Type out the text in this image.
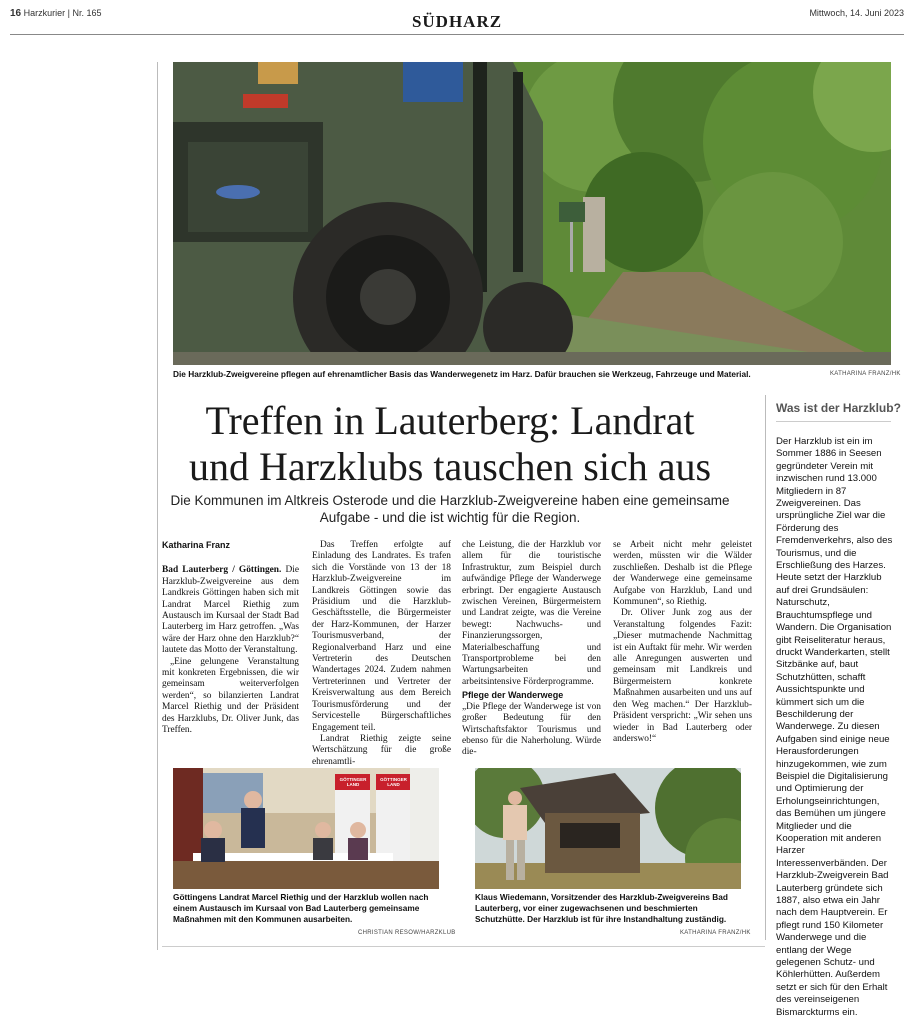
16 Harzkurier | Nr. 165	SÜDHARZ	Mittwoch, 14. Juni 2023
Die Harzklub-Zweigvereine pflegen auf ehrenamtlicher Basis das Wanderwegenetz im Harz. Dafür brauchen sie Werkzeug, Fahrzeuge und Material.	KATHARINA FRANZ/HK
Treffen in Lauterberg: Landrat
und Harzklubs tauschen sich aus
Die Kommunen im Altkreis Osterode und die Harzklub-Zweigvereine haben eine gemeinsame Aufgabe - und die ist wichtig für die Region.
Katharina Franz

Bad Lauterberg / Göttingen. Die Harzklub-Zweigvereine aus dem Landkreis Göttingen haben sich mit Landrat Marcel Riethig zum Austausch im Kursaal der Stadt Bad Lauterberg im Harz getroffen. „Was wäre der Harz ohne den Harzklub?“ lautete das Motto der Veranstaltung.

„Eine gelungene Veranstaltung mit konkreten Ergebnissen, die wir gemeinsam weiterverfolgen werden“, so bilanzierten Landrat Marcel Riethig und der Präsident des Harzklubs, Dr. Oliver Junk, das Treffen.

Das Treffen erfolgte auf Einladung des Landrates. Es trafen sich die Vorstände von 13 der 18 Harzklub-Zweigvereine im Landkreis Göttingen sowie das Präsidium und die Harzklub-Geschäftsstelle, die Bürgermeister der Harz-Kommunen, der Harzer Tourismusverband, der Regionalverband Harz und eine Vertreterin des Deutschen Wandertages 2024. Zudem nahmen Vertreterinnen und Vertreter der Kreisverwaltung aus dem Bereich Tourismusförderung und der Servicestelle Bürgerschaftliches Engagement teil.

Landrat Riethig zeigte seine Wertschätzung für die große ehrenamtli-

che Leistung, die der Harzklub vor allem für die touristische Infrastruktur, zum Beispiel durch aufwändige Pflege der Wanderwege erbringt. Der engagierte Austausch zwischen Vereinen, Bürgermeistern und Landrat zeigte, was die Vereine bewegt: Nachwuchs- und Finanzierungssorgen, Materialbeschaffung und Transportprobleme bei den Wartungsarbeiten und arbeitsintensive Förderprogramme.

Pflege der Wanderwege

„Die Pflege der Wanderwege ist von großer Bedeutung für den Wirtschaftsfaktor Tourismus und ebenso für die Naherholung. Würde die-

se Arbeit nicht mehr geleistet werden, müssten wir die Wälder zuschließen. Deshalb ist die Pflege der Wanderwege eine gemeinsame Aufgabe von Harzklub, Land und Kommunen“, so Riethig.

Dr. Oliver Junk zog aus der Veranstaltung folgendes Fazit: „Dieser mutmachende Nachmittag ist ein Auftakt für mehr. Wir werden alle Anregungen auswerten und gemeinsam mit Landkreis und Bürgermeistern konkrete Maßnahmen ausarbeiten und uns auf den Weg machen.“ Der Harzklub-Präsident verspricht: „Wir sehen uns wieder in Bad Lauterberg oder anderswo!“

Was ist der Harzklub?
Der Harzklub ist ein im Sommer 1886 in Seesen gegründeter Verein mit inzwischen rund 13.000 Mitgliedern in 87 Zweigvereinen. Das ursprüngliche Ziel war die Förderung des Fremdenverkehrs, also des Tourismus, und die Erschließung des Harzes. Heute setzt der Harzklub auf drei Grundsäulen: Naturschutz, Brauchtumspflege und Wandern. Die Organisation gibt Reiseliteratur heraus, druckt Wanderkarten, stellt Sitzbänke auf, baut Schutzhütten, schafft Aussichtspunkte und kümmert sich um die Beschilderung der Wanderwege. Zu diesen Aufgaben sind einige neue Herausforderungen hinzugekommen, wie zum Beispiel die Digitalisierung und Optimierung der Erholungseinrichtungen, das Bemühen um jüngere Mitglieder und die Kooperation mit anderen Harzer Interessenverbänden. Der Harzklub-Zweigverein Bad Lauterberg gründete sich 1887, also etwa ein Jahr nach dem Hauptverein. Er pflegt rund 150 Kilometer Wanderwege und die entlang der Wege gelegenen Schutz- und Köhlerhütten. Außerdem setzt er sich für den Erhalt des vereinseigenen Bismarckturms ein.
GÖTTINGER LAND
GÖTTINGER LAND
Göttingens Landrat Marcel Riethig und der Harzklub wollen nach einem Austausch im Kursaal von Bad Lauterberg gemeinsame Maßnahmen mit den Kommunen ausarbeiten.
CHRISTIAN RESOW/HARZKLUB
Klaus Wiedemann, Vorsitzender des Harzklub-Zweigvereins Bad Lauterberg, vor einer zugewachsenen und beschmierten Schutzhütte. Der Harzklub ist für ihre Instandhaltung zuständig.
KATHARINA FRANZ/HK
